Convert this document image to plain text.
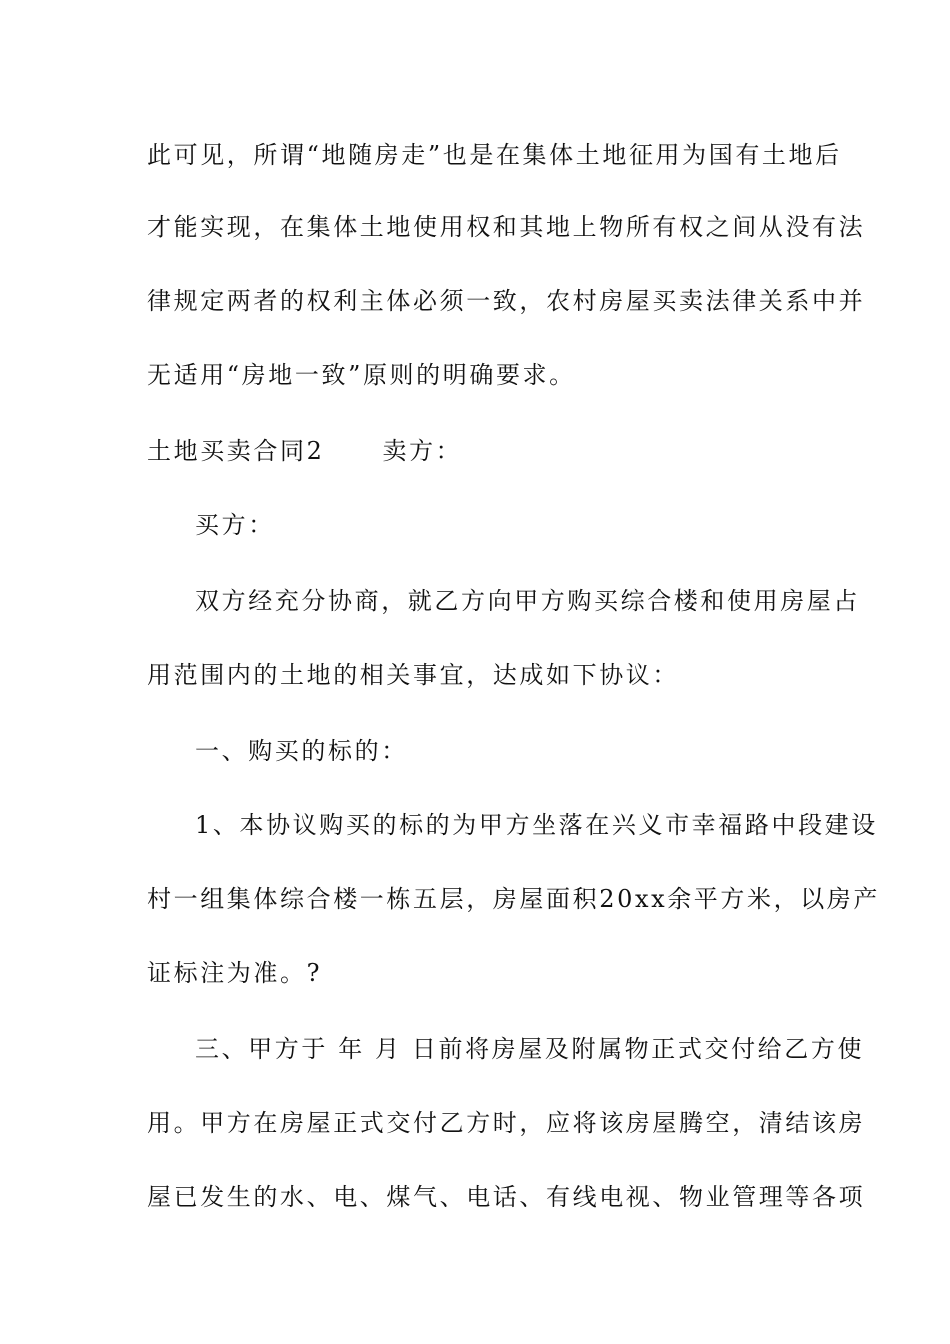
此可见，所谓“地随房走”也是在集体土地征用为国有土地后
才能实现，在集体土地使用权和其地上物所有权之间从没有法
律规定两者的权利主体必须一致，农村房屋买卖法律关系中并
无适用“房地一致”原则的明确要求。
土地买卖合同2 卖方：
买方：
双方经充分协商，就乙方向甲方购买综合楼和使用房屋占
用范围内的土地的相关事宜，达成如下协议：
一、购买的标的：
1、本协议购买的标的为甲方坐落在兴义市幸福路中段建设
村一组集体综合楼一栋五层，房屋面积20xx余平方米，以房产
证标注为准。?
三、甲方于 年 月 日前将房屋及附属物正式交付给乙方使
用。甲方在房屋正式交付乙方时，应将该房屋腾空，清结该房
屋已发生的水、电、煤气、电话、有线电视、物业管理等各项
